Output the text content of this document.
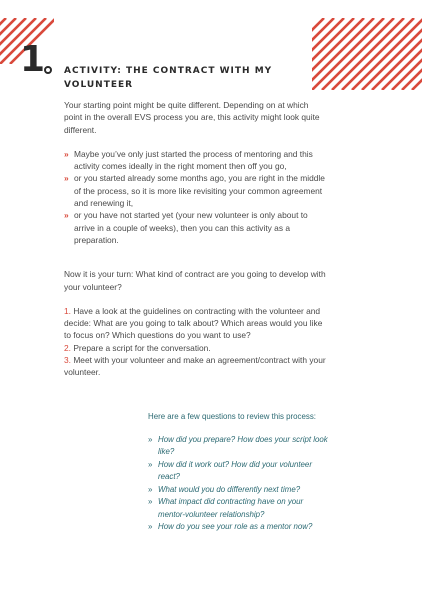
1 ACTIVITY: THE CONTRACT WITH MY VOLUNTEER

Your starting point might be quite different. Depending on at which point in the overall EVS process you are, this activity might look quite different.

» Maybe you’ve only just started the process of mentoring and this activity comes ideally in the right moment then off you go,
» or you started already some months ago, you are right in the middle of the process, so it is more like revisiting your common agreement and renewing it,
» or you have not started yet (your new volunteer is only about to arrive in a couple of weeks), then you can this activity as a preparation.

Now it is your turn: What kind of contract are you going to develop with your volunteer?

1. Have a look at the guidelines on contracting with the volunteer and decide: What are you going to talk about? Which areas would you like to focus on? Which questions do you want to use?
2. Prepare a script for the conversation.
3. Meet with your volunteer and make an agreement/contract with your volunteer.

Here are a few questions to review this process:

» How did you prepare? How does your script look like?
» How did it work out? How did your volunteer react?
» What would you do differently next time?
» What impact did contracting have on your mentor-volunteer relationship?
» How do you see your role as a mentor now?
